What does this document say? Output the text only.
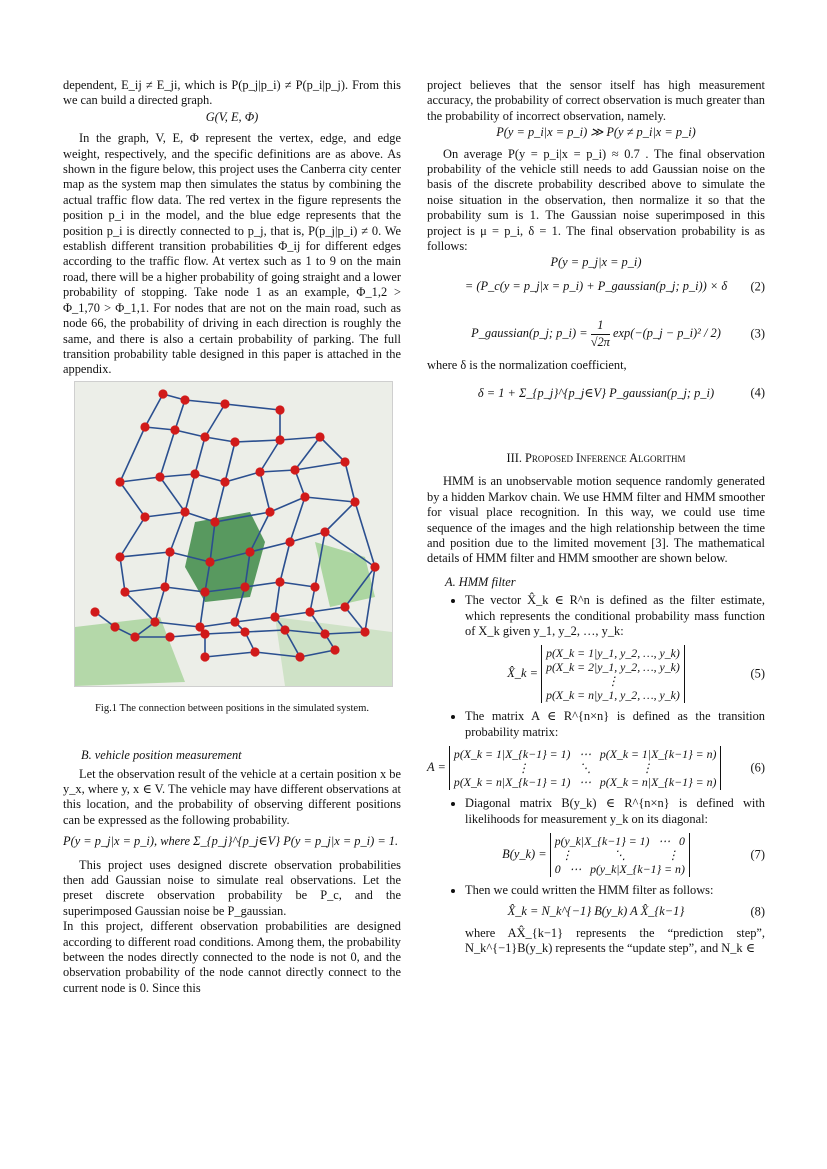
dependent, E_ij ≠ E_ji, which is P(p_j|p_i) ≠ P(p_i|p_j). From this we can build a directed graph.

G(V, E, Φ)

In the graph, V, E, Φ represent the vertex, edge, and edge weight, respectively, and the specific definitions are as above. As shown in the figure below, this project uses the Canberra city center map as the system map then simulates the status by combining the actual traffic flow data. The red vertex in the figure represents the position p_i in the model, and the blue edge represents that the position p_i is directly connected to p_j, that is, P(p_j|p_i) ≠ 0. We establish different transition probabilities Φ_ij for different edges according to the traffic flow. At vertex such as 1 to 9 on the main road, there will be a higher probability of going straight and a lower probability of stopping. Take node 1 as an example, Φ_1,2 > Φ_1,70 > Φ_1,1. For nodes that are not on the main road, such as node 66, the probability of driving in each direction is roughly the same, and there is also a certain probability of parking. The full transition probability table designed in this paper is attached in the appendix.

Fig.1 The connection between positions in the simulated system.

B. vehicle position measurement

Let the observation result of the vehicle at a certain position x be y_x, where y, x ∈ V. The vehicle may have different observations at this location, and the probability of observing different positions can be expressed as the following probability.

P(y = p_j|x = p_i), where Σ_{p_j}^{p_j∈V} P(y = p_j|x = p_i) = 1.

This project uses designed discrete observation probabilities then add Gaussian noise to simulate real observations. Let the preset discrete observation probability be P_c, and the superimposed Gaussian noise be P_gaussian.

In this project, different observation probabilities are designed according to different road conditions. Among them, the probability between the nodes directly connected to the node is not 0, and the observation probability of the node cannot directly connect to the current node is 0. Since this

project believes that the sensor itself has high measurement accuracy, the probability of correct observation is much greater than the probability of incorrect observation, namely.

P(y = p_i|x = p_i) ≫ P(y ≠ p_i|x = p_i)

On average P(y = p_i|x = p_i) ≈ 0.7 . The final observation probability of the vehicle still needs to add Gaussian noise on the basis of the discrete probability described above to simulate the noise situation in the observation, then normalize it so that the probability sum is 1. The Gaussian noise superimposed in this project is μ = p_i, δ = 1. The final observation probability is as follows:

P(y = p_j|x = p_i)

= (P_c(y = p_j|x = p_i) + P_gaussian(p_j; p_i)) × δ (2)
P_gaussian(p_j; p_i) = $\frac{1}{√2\pi}$ exp(−(p_j − p_i)² / 2) (3)

where δ is the normalization coefficient,

δ = 1 + Σ_{p_j}^{p_j∈V} P_gaussian(p_j; p_i)	(4)

III. Proposed Inference Algorithm

HMM is an unobservable motion sequence randomly generated by a hidden Markov chain. We use HMM filter and HMM smoother for visual place recognition. In this way, we could use time sequence of the images and the high relationship between the time and position due to the limited movement [3]. The mathematical details of HMM filter and HMM smoother are shown below.

A. HMM filter

• The vector X̂_k ∈ R^n is defined as the filter estimate, which represents the conditional probability mass function of X_k given y_1, y_2, …, y_k:
X̂_k =
p(X_k = 1|y_1, y_2, …, y_k)
p(X_k = 2|y_1, y_2, …, y_k)
⋮
p(X_k = n|y_1, y_2, …, y_k)
(5)
• The matrix A ∈ R^{n×n} is defined as the transition probability matrix:
A =
p(X_k = 1|X_{k−1} = 1)   ⋯   p(X_k = 1|X_{k−1} = n)
⋮                 ⋱                 ⋮
p(X_k = n|X_{k−1} = 1)   ⋯   p(X_k = n|X_{k−1} = n)
(6)
• Diagonal matrix B(y_k) ∈ R^{n×n} is defined with likelihoods for measurement y_k on its diagonal:
B(y_k) =
p(y_k|X_{k−1} = 1)   ⋯   0
⋮              ⋱              ⋮
0   ⋯   p(y_k|X_{k−1} = n)
(7)
• Then we could written the HMM filter as follows:
X̂_k = N_k^{−1} B(y_k) A X̂_{k−1}	(8)

where AX̂_{k−1} represents the “prediction step”, N_k^{−1}B(y_k) represents the “update step”, and N_k ∈
